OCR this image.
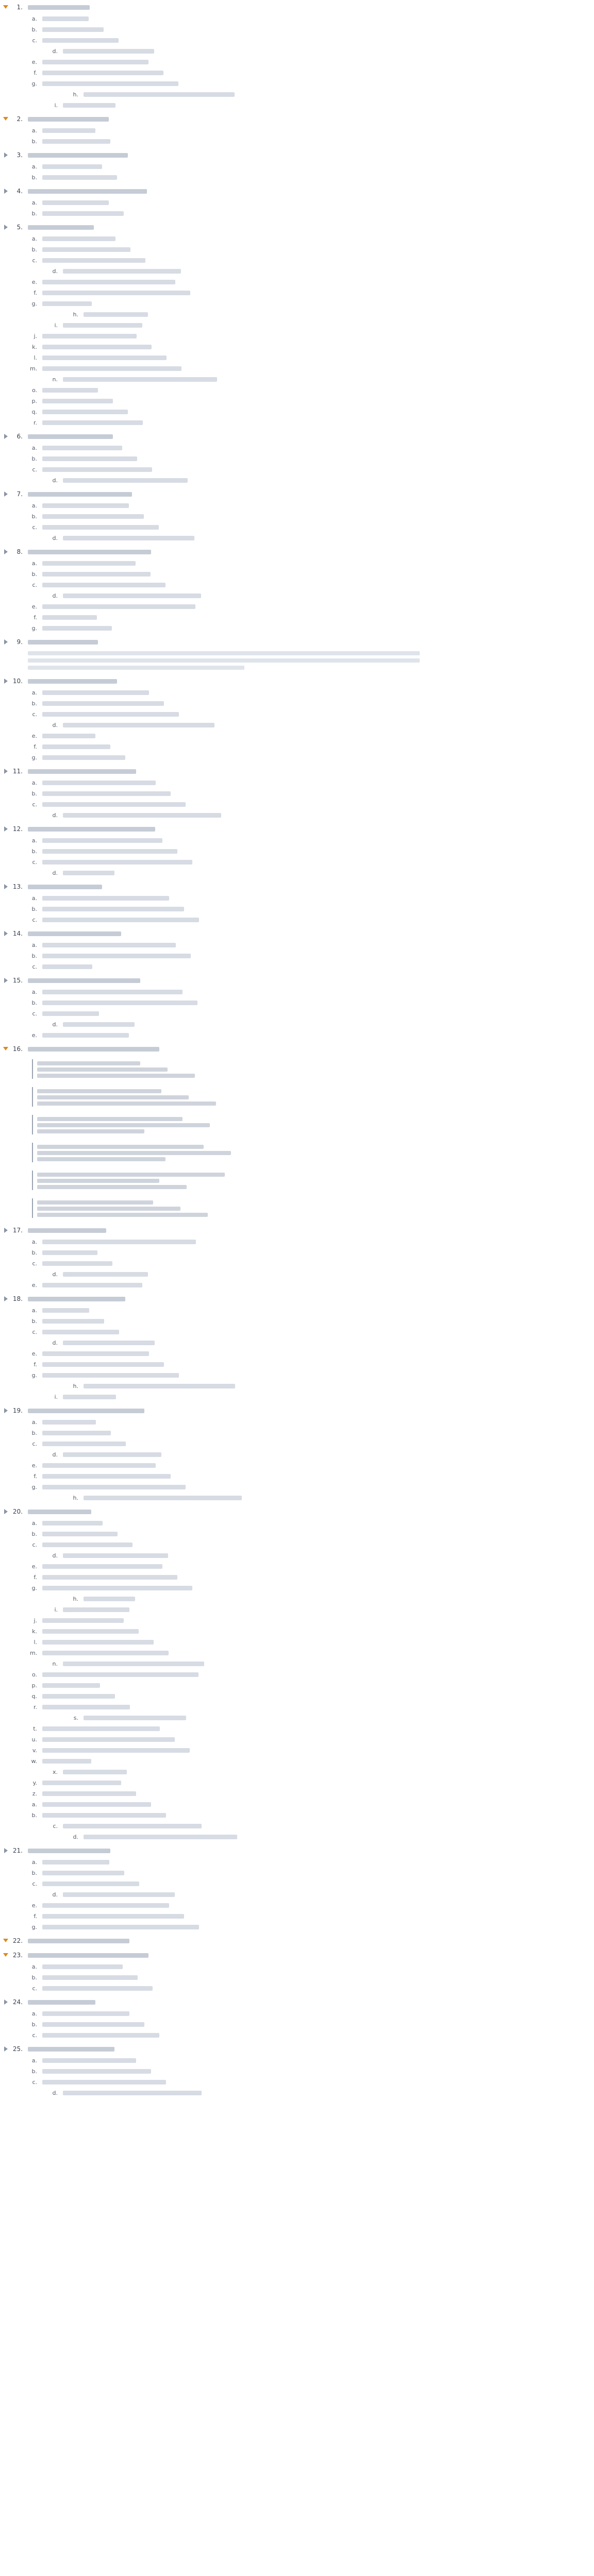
1.
a.
b.
c.
d.
e.
f.
g.
h.
i.
2.
a.
b.
3.
a.
b.
4.
a.
b.
5.
a.
b.
c.
d.
e.
f.
g.
h.
i.
j.
k.
l.
m.
n.
o.
p.
q.
r.
6.
a.
b.
c.
d.
7.
a.
b.
c.
d.
8.
a.
b.
c.
d.
e.
f.
g.
9.
10.
a.
b.
c.
d.
e.
f.
g.
11.
a.
b.
c.
d.
12.
a.
b.
c.
d.
13.
a.
b.
c.
14.
a.
b.
c.
15.
a.
b.
c.
d.
e.
16.
17.
a.
b.
c.
d.
e.
18.
a.
b.
c.
d.
e.
f.
g.
h.
i.
19.
a.
b.
c.
d.
e.
f.
g.
h.
20.
a.
b.
c.
d.
e.
f.
g.
h.
i.
j.
k.
l.
m.
n.
o.
p.
q.
r.
s.
t.
u.
v.
w.
x.
y.
z.
a.
b.
c.
d.
21.
a.
b.
c.
d.
e.
f.
g.
22.
23.
a.
b.
c.
24.
a.
b.
c.
25.
a.
b.
c.
d.
